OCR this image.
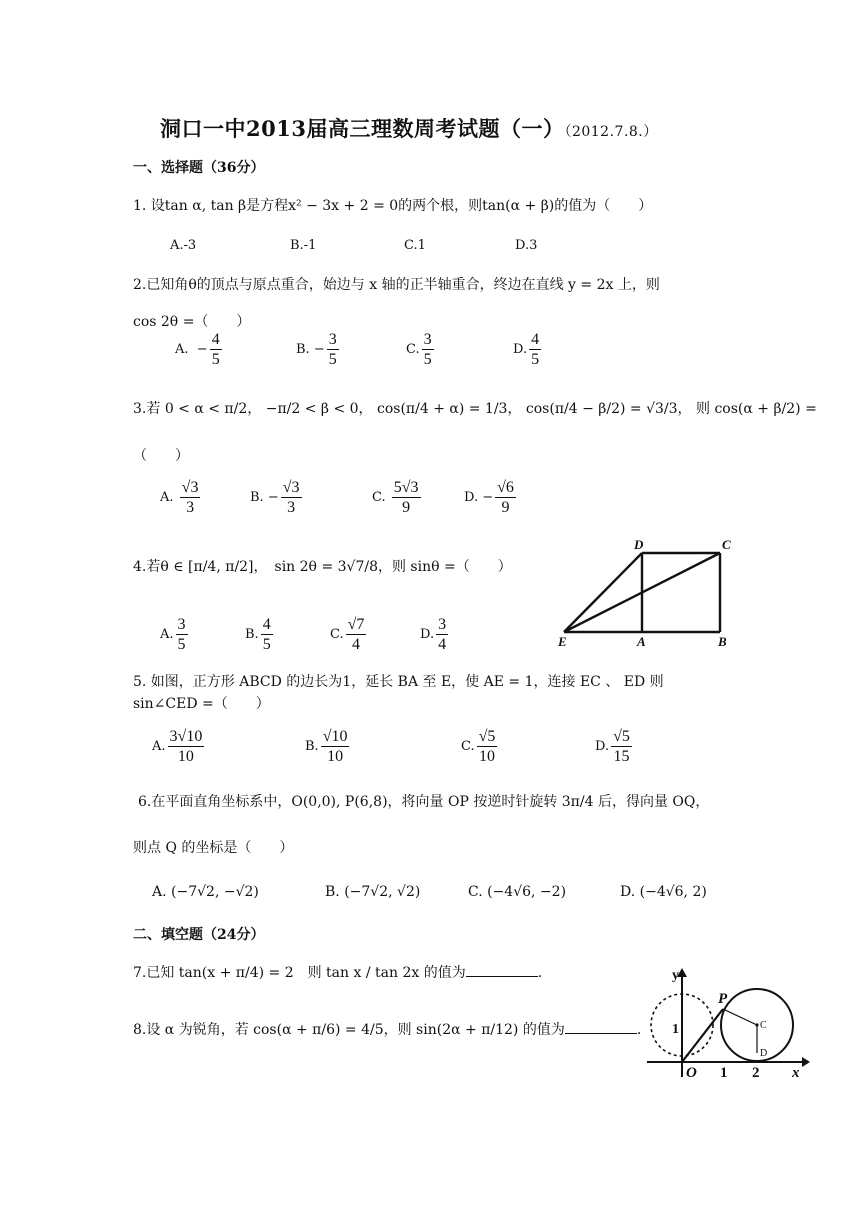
洞口一中2013届高三理数周考试题（一）（2012.7.8.）
一、选择题（36分）
1. 设tan α, tan β是方程x² − 3x + 2 = 0的两个根，则tan(α + β)的值为（　　）
A.-3	B.-1	C.1	D.3
2.已知角θ的顶点与原点重合，始边与 x 轴的正半轴重合，终边在直线 y = 2x 上，则
cos 2θ =（　　）
A. − $\frac{4}{5}$	B. − $\frac{3}{5}$	C. $\frac{3}{5}$	D. $\frac{4}{5}$
3.若 0 < α < π/2， −π/2 < β < 0， cos(π/4 + α) = 1/3， cos(π/4 − β/2) = √3/3， 则 cos(α + β/2) =
（　　）
A. $\frac{√3}{3}$	B. − $\frac{√3}{3}$	C. $\frac{5√3}{9}$	D. − $\frac{√6}{9}$
4.若θ ∈ [π/4, π/2]，　sin 2θ = 3√7/8，则 sinθ =（　　）
A. $\frac{3}{5}$	B. $\frac{4}{5}$	C. $\frac{√7}{4}$	D. $\frac{3}{4}$
D	C
E	A	B
5. 如图，正方形 ABCD 的边长为1，延长 BA 至 E，使 AE = 1，连接 EC 、 ED 则
sin∠CED =（　　）
A. $\frac{3√10}{10}$	B. $\frac{√10}{10}$	C. $\frac{√5}{10}$	D. $\frac{√5}{15}$
6.在平面直角坐标系中，O(0,0), P(6,8)，将向量 OP 按逆时针旋转 3π/4 后，得向量 OQ，
则点 Q 的坐标是（　　）
A. (−7√2, −√2)	B. (−7√2, √2)	C. (−4√6, −2)	D. (−4√6, 2)
二、填空题（24分）
7.已知 tan(x + π/4) = 2　则 tan x / tan 2x 的值为	.
8.设 α 为锐角，若 cos(α + π/6) = 4/5，则 sin(2α + π/12) 的值为	.
y
P
C
1
D
O 1 2 x
